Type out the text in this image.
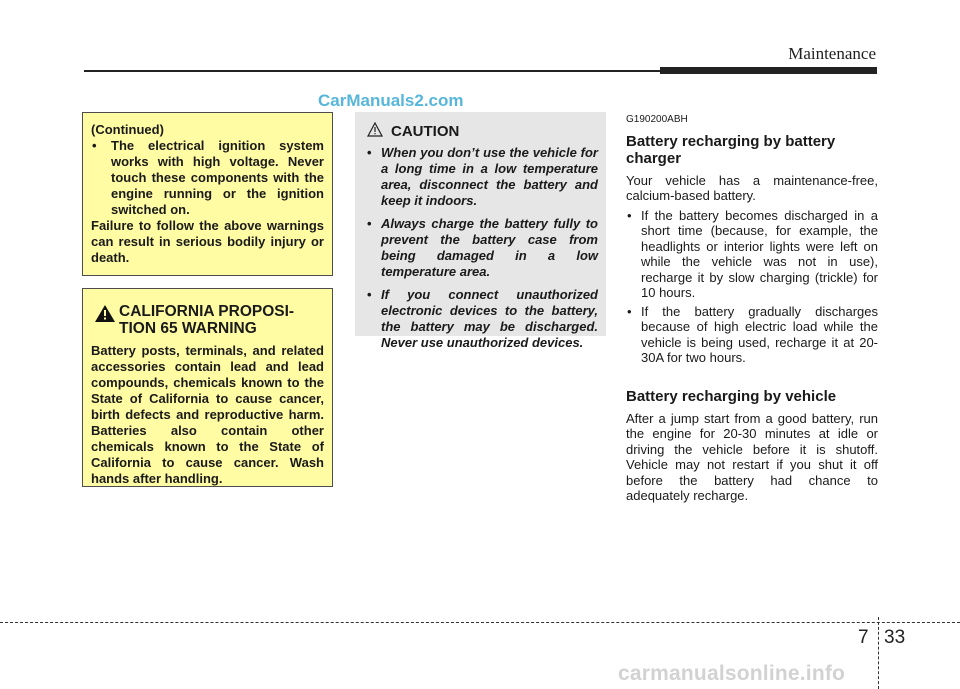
Maintenance
CarManuals2.com

(Continued)

• The electrical ignition system works with high voltage. Never touch these components with the engine running or the ignition switched on.

Failure to follow the above warnings can result in serious bodily injury or death.

CALIFORNIA PROPOSI-
TION 65 WARNING

Battery posts, terminals, and related accessories contain lead and lead compounds, chemicals known to the State of California to cause cancer, birth defects and reproductive harm. Batteries also contain other chemicals known to the State of California to cause cancer. Wash hands after handling.

CAUTION

• When you don’t use the vehicle for a long time in a low temperature area, disconnect the battery and keep it indoors.

• Always charge the battery fully to prevent the battery case from being damaged in a low temperature area.

• If you connect unauthorized electronic devices to the battery, the battery may be discharged. Never use unauthorized devices.

G190200ABH
Battery recharging by battery charger

Your vehicle has a maintenance-free, calcium-based battery.

• If the battery becomes discharged in a short time (because, for example, the headlights or interior lights were left on while the vehicle was not in use), recharge it by slow charging (trickle) for 10 hours.

• If the battery gradually discharges because of high electric load while the vehicle is being used, recharge it at 20-30A for two hours.

Battery recharging by vehicle

After a jump start from a good battery, run the engine for 20-30 minutes at idle or driving the vehicle before it is shutoff. Vehicle may not restart if you shut it off before the battery had chance to adequately recharge.

7 33
carmanualsonline.info
